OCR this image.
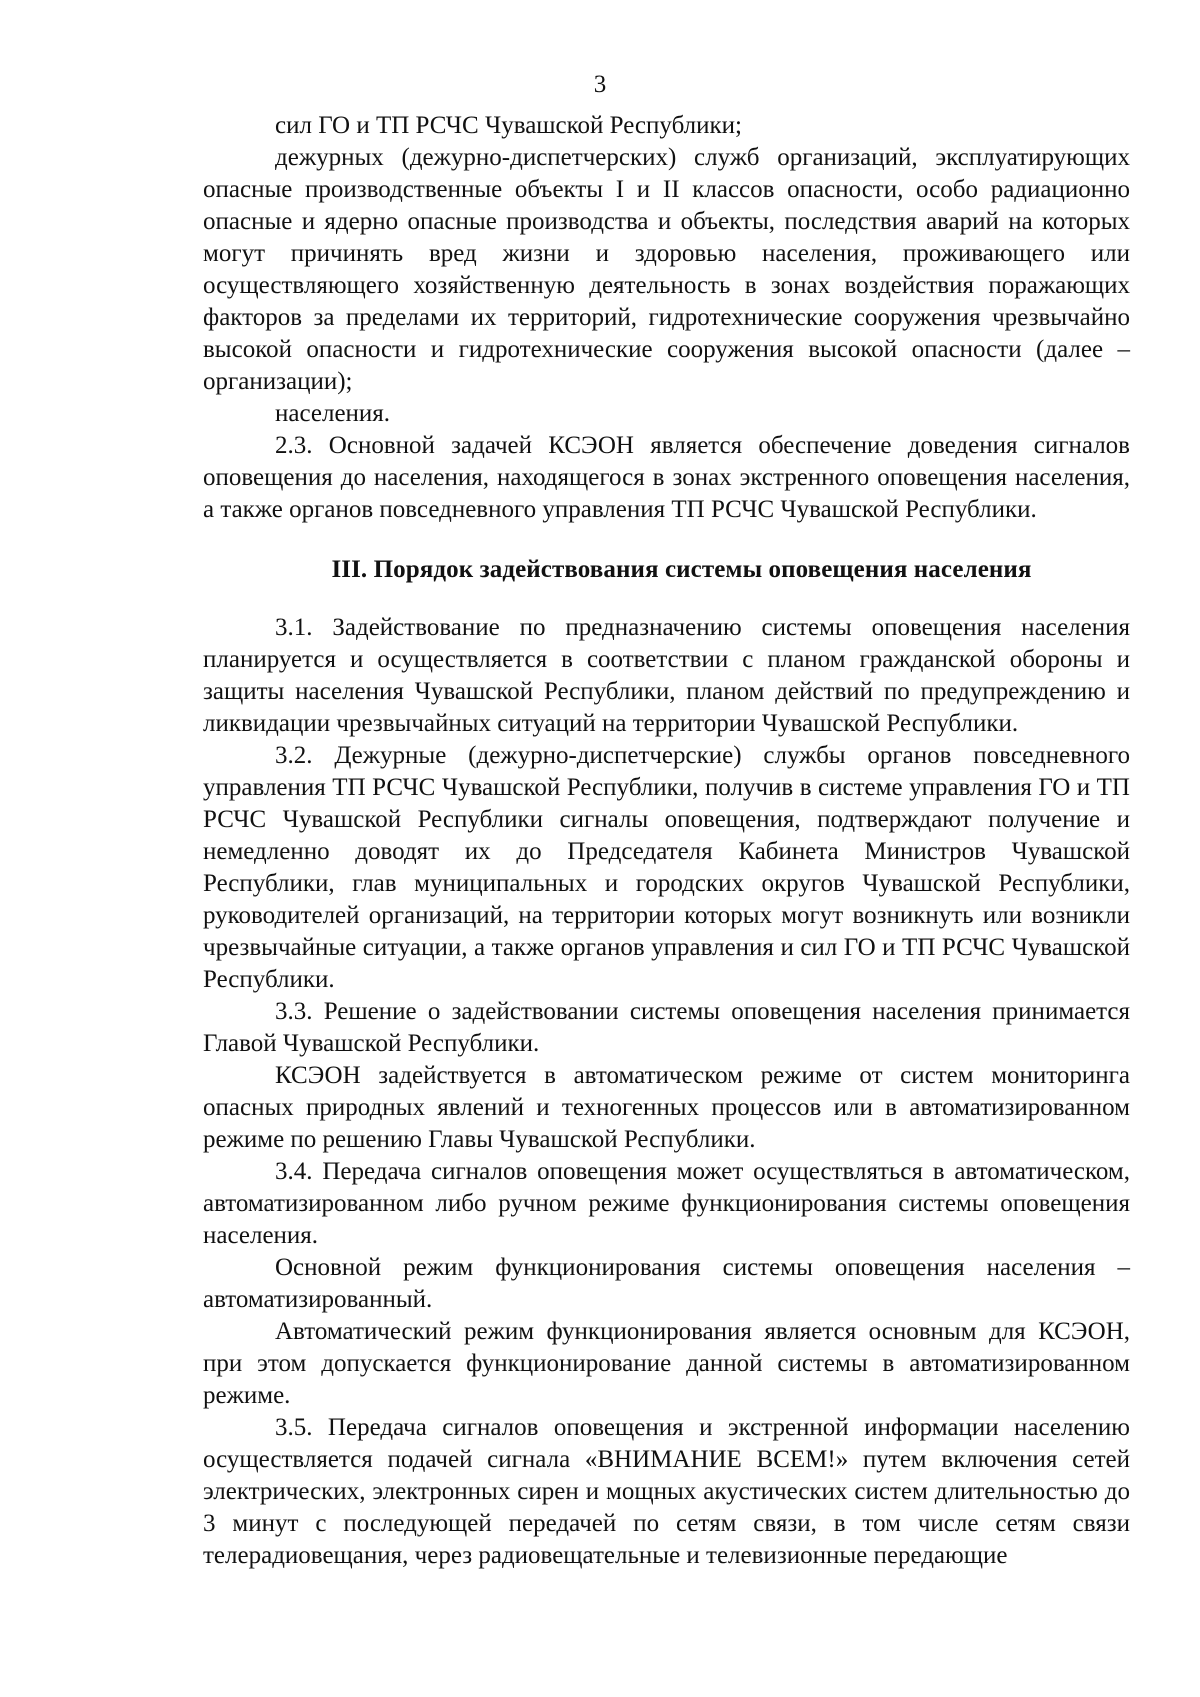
3

сил ГО и ТП РСЧС Чувашской Республики;

дежурных (дежурно-диспетчерских) служб организаций, эксплуатирующих опасные производственные объекты I и II классов опасности, особо радиационно опасные и ядерно опасные производства и объекты, последствия аварий на которых могут причинять вред жизни и здоровью населения, проживающего или осуществляющего хозяйственную деятельность в зонах воздействия поражающих факторов за пределами их территорий, гидротехнические сооружения чрезвычайно высокой опасности и гидротехнические сооружения высокой опасности (далее – организации);

населения.

2.3. Основной задачей КСЭОН является обеспечение доведения сигналов оповещения до населения, находящегося в зонах экстренного оповещения населения, а также органов повседневного управления ТП РСЧС Чувашской Республики.

III. Порядок задействования системы оповещения населения

3.1. Задействование по предназначению системы оповещения населения планируется и осуществляется в соответствии с планом гражданской обороны и защиты населения Чувашской Республики, планом действий по предупреждению и ликвидации чрезвычайных ситуаций на территории Чувашской Республики.

3.2. Дежурные (дежурно-диспетчерские) службы органов повседневного управления ТП РСЧС Чувашской Республики, получив в системе управления ГО и ТП РСЧС Чувашской Республики сигналы оповещения, подтверждают получение и немедленно доводят их до Председателя Кабинета Министров Чувашской Республики, глав муниципальных и городских округов Чувашской Республики, руководителей организаций, на территории которых могут возникнуть или возникли чрезвычайные ситуации, а также органов управления и сил ГО и ТП РСЧС Чувашской Республики.

3.3. Решение о задействовании системы оповещения населения принимается Главой Чувашской Республики.

КСЭОН задействуется в автоматическом режиме от систем мониторинга опасных природных явлений и техногенных процессов или в автоматизированном режиме по решению Главы Чувашской Республики.

3.4. Передача сигналов оповещения может осуществляться в автоматическом, автоматизированном либо ручном режиме функционирования системы оповещения населения.

Основной режим функционирования системы оповещения населения – автоматизированный.

Автоматический режим функционирования является основным для КСЭОН, при этом допускается функционирование данной системы в автоматизированном режиме.

3.5. Передача сигналов оповещения и экстренной информации населению осуществляется подачей сигнала «ВНИМАНИЕ ВСЕМ!» путем включения сетей электрических, электронных сирен и мощных акустических систем длительностью до 3 минут с последующей передачей по сетям связи, в том числе сетям связи телерадиовещания, через радиовещательные и телевизионные передающие
